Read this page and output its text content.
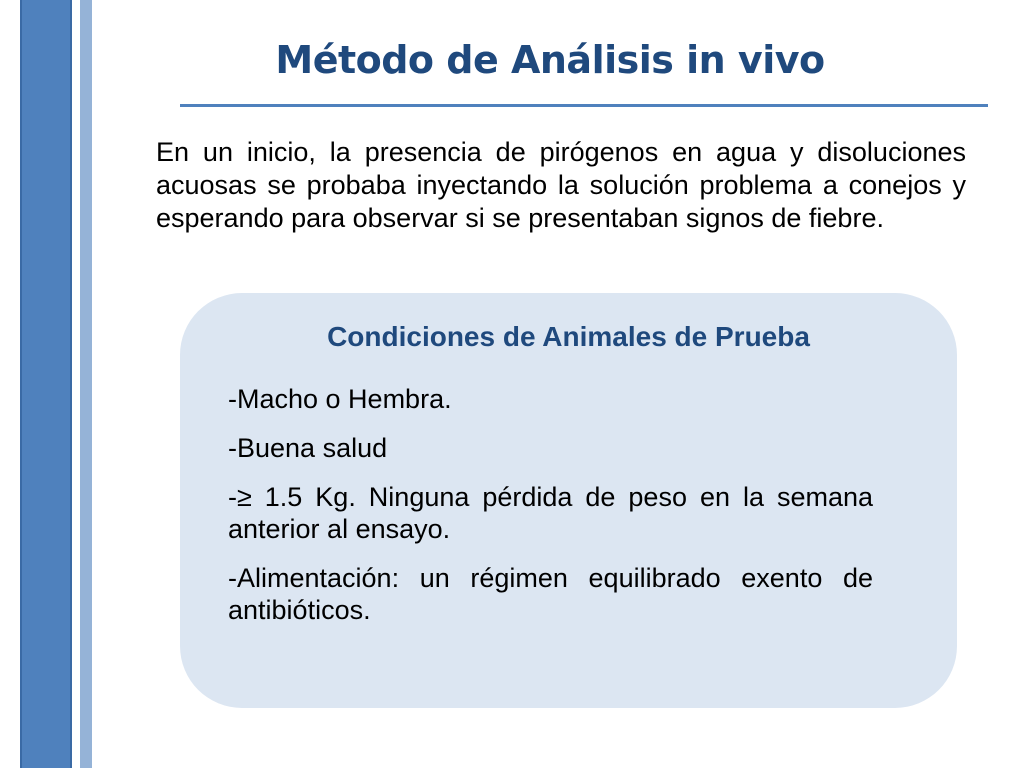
Método de Análisis in vivo

En un inicio, la presencia de pirógenos en agua y disoluciones acuosas se probaba inyectando la solución problema a conejos y esperando para observar si se presentaban signos de fiebre.

Condiciones de Animales de Prueba

-Macho o Hembra.

-Buena salud

-≥ 1.5 Kg. Ninguna pérdida de peso en la semana anterior al ensayo.

-Alimentación: un régimen equilibrado exento de antibióticos.
